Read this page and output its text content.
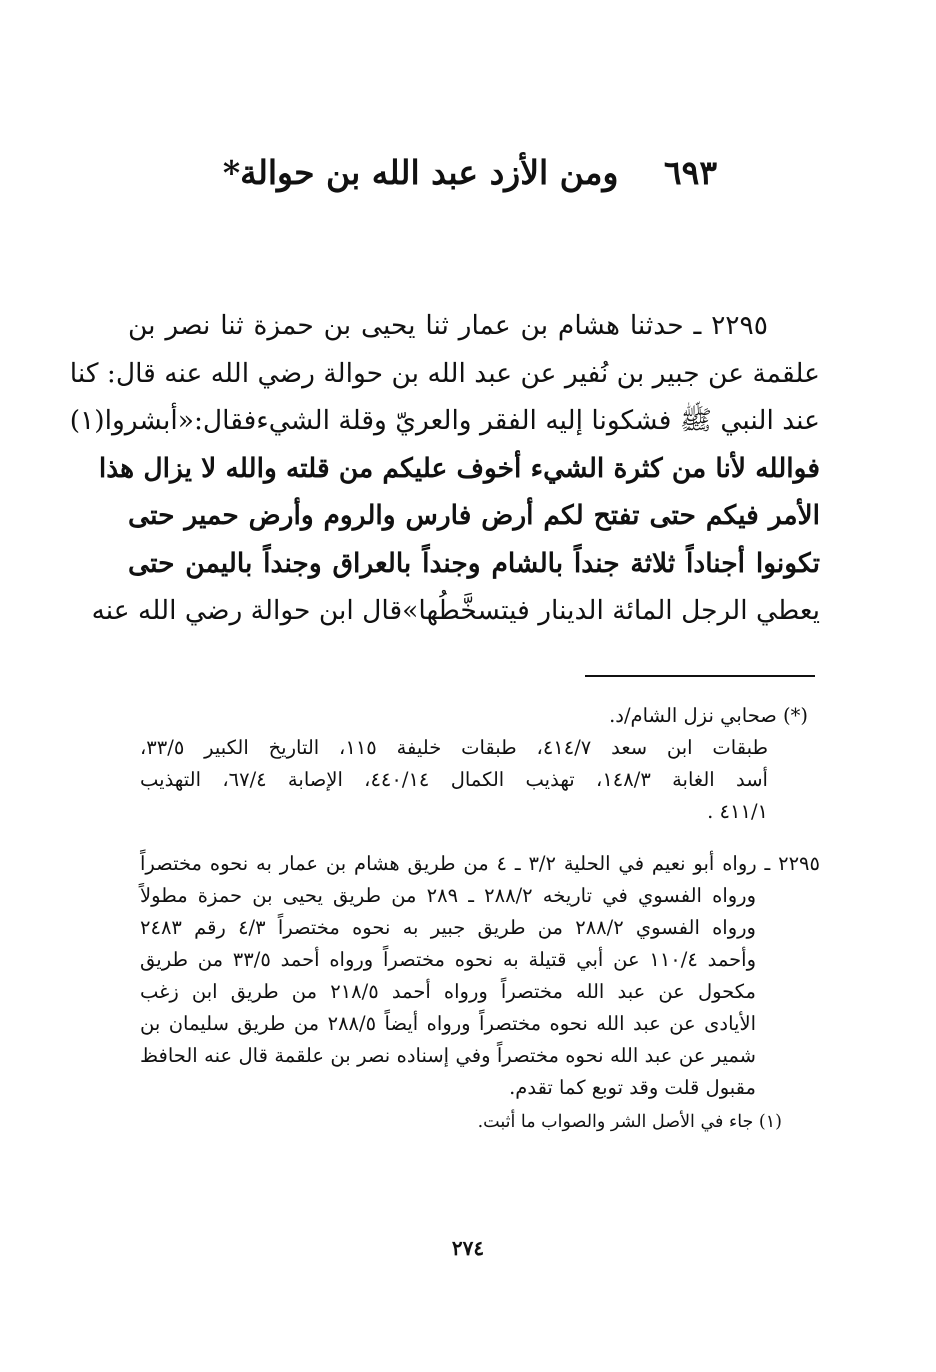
٦٩٣ ومن الأزد عبد الله بن حوالة*
٢٢٩٥ ـ حدثنا هشام بن عمار ثنا يحيى بن حمزة ثنا نصر بن
علقمة عن جبير بن نُفير عن عبد الله بن حوالة رضي الله عنه قال: كنا
عند النبي ﷺ فشكونا إليه الفقر والعريّ وقلة الشيءفقال:«أبشروا(١)
فوالله لأنا من كثرة الشيء أخوف عليكم من قلته والله لا يزال هذا
الأمر فيكم حتى تفتح لكم أرض فارس والروم وأرض حمير حتى
تكونوا أجناداً ثلاثة جنداً بالشام وجنداً بالعراق وجنداً باليمن حتى
يعطي الرجل المائة الدينار فيتسخَّطُها»قال ابن حوالة رضي الله عنه
(*) صحابي نزل الشام/د.
طبقات ابن سعد ٤١٤/٧، طبقات خليفة ١١٥، التاريخ الكبير ٣٣/٥،
أسد الغابة ١٤٨/٣، تهذيب الكمال ٤٤٠/١٤، الإصابة ٦٧/٤، التهذيب
٤١١/١ .
٢٢٩٥ ـ رواه أبو نعيم في الحلية ٣/٢ ـ ٤ من طريق هشام بن عمار به نحوه مختصراً
ورواه الفسوي في تاريخه ٢٨٨/٢ ـ ٢٨٩ من طريق يحيى بن حمزة مطولاً
ورواه الفسوي ٢٨٨/٢ من طريق جبير به نحوه مختصراً ٤/٣ رقم ٢٤٨٣
وأحمد ١١٠/٤ عن أبي قتيلة به نحوه مختصراً ورواه أحمد ٣٣/٥ من طريق
مكحول عن عبد الله مختصراً ورواه أحمد ٢١٨/٥ من طريق ابن زغب
الأيادى عن عبد الله نحوه مختصراً ورواه أيضاً ٢٨٨/٥ من طريق سليمان بن
شمير عن عبد الله نحوه مختصراً وفي إسناده نصر بن علقمة قال عنه الحافظ
مقبول قلت وقد توبع كما تقدم.
(١) جاء في الأصل الشر والصواب ما أثبت.
٢٧٤
